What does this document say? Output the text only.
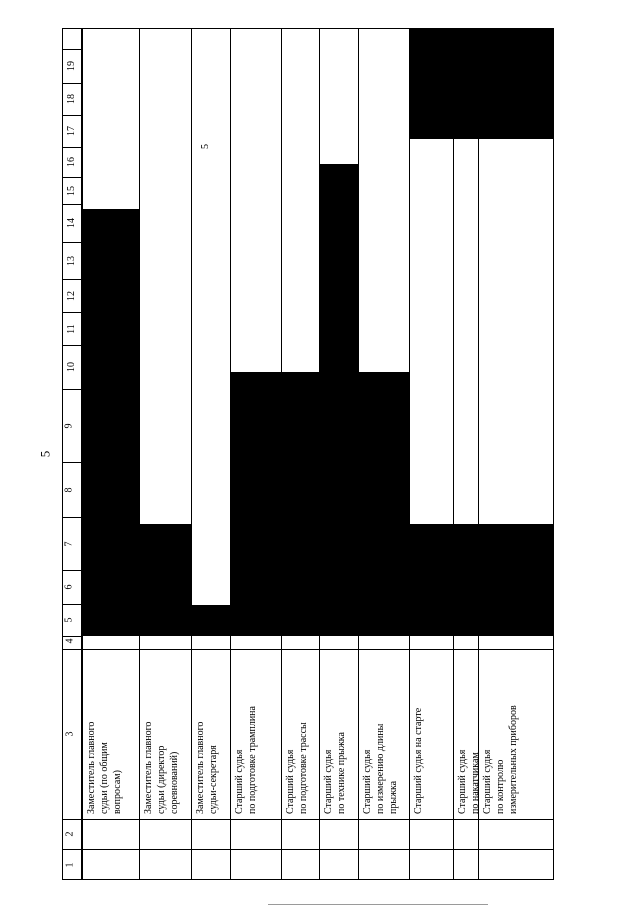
5
1
2
3
4
5
6
7
8
9
10
11
12
13
14
15
16
17
18
19
Заместитель главного судьи (по общим вопросам) Заместитель главного судьи (директор соревнований) Заместитель главного судьи-секретаря Старший судья по подготовке трамплина	Старший судья по подготовке трассы Старший судья по технике прыжка Старший судья по измерению длины прыжка Старший судья на старте	Старший судья по накатчикам Старший судья по контролю измерительных приборов
5
